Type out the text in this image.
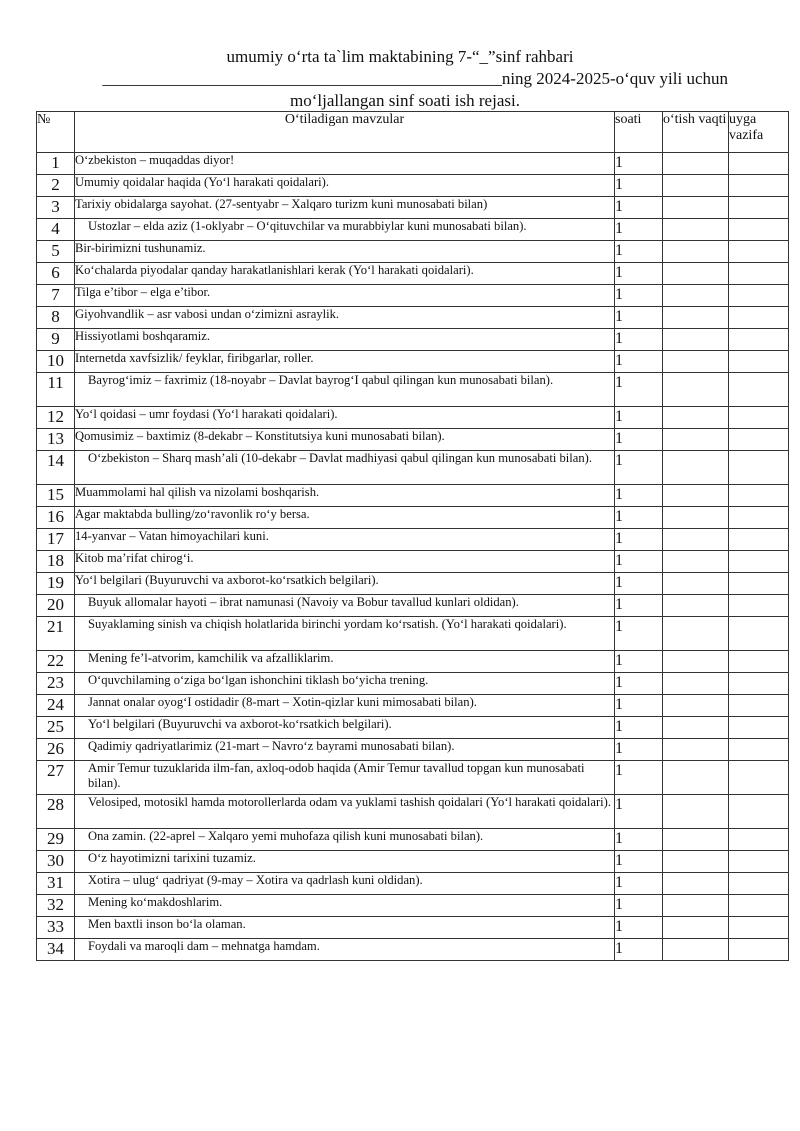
umumiy oʻrta ta`lim maktabining 7-“_”sinf rahbari
_______________________________________________ning 2024-2025-oʻquv yili uchun
moʻljallangan sinf soati ish rejasi.
№	Oʻtiladigan mavzular	soati	oʻtish vaqti	uyga vazifa
1	Oʻzbekiston – muqaddas diyor!	1		
2	Umumiy qoidalar haqida (Yoʻl harakati qoidalari).	1		
3	Tarixiy obidalarga sayohat. (27-sentyabr – Xalqaro turizm kuni munosabati bilan)	1		
4	Ustozlar – elda aziz (1-oklyabr – Oʻqituvchilar va murabbiylar kuni munosabati bilan).	1		
5	Bir-birimizni tushunamiz.	1		
6	Koʻchalarda piyodalar qanday harakatlanishlari kerak (Yoʻl harakati qoidalari).	1		
7	Tilga e’tibor – elga e’tibor.	1		
8	Giyohvandlik – asr vabosi undan oʻzimizni asraylik.	1		
9	Hissiyotlami boshqaramiz.	1		
10	Internetda xavfsizlik/ feyklar, firibgarlar, roller.	1		
11	Bayrogʻimiz – faxrimiz (18-noyabr – Davlat bayrogʻI qabul qilingan kun munosabati bilan).	1		
12	Yoʻl qoidasi – umr foydasi (Yoʻl harakati qoidalari).	1		
13	Qomusimiz – baxtimiz (8-dekabr – Konstitutsiya kuni munosabati bilan).	1		
14	Oʻzbekiston – Sharq mash’ali (10-dekabr – Davlat madhiyasi qabul qilingan kun munosabati bilan).	1		
15	Muammolami hal qilish va nizolami boshqarish.	1		
16	Agar maktabda bulling/zoʻravonlik roʻy bersa.	1		
17	14-yanvar – Vatan himoyachilari kuni.	1		
18	Kitob ma’rifat chirogʻi.	1		
19	Yoʻl belgilari (Buyuruvchi va axborot-koʻrsatkich belgilari).	1		
20	Buyuk allomalar hayoti – ibrat namunasi (Navoiy va Bobur tavallud kunlari oldidan).	1		
21	Suyaklaming sinish va chiqish holatlarida birinchi yordam koʻrsatish. (Yoʻl harakati qoidalari).	1		
22	Mening fe’l-atvorim, kamchilik va afzalliklarim.	1		
23	Oʻquvchilaming oʻziga boʻlgan ishonchini tiklash boʻyicha trening.	1		
24	Jannat onalar oyogʻI ostidadir (8-mart – Xotin-qizlar kuni mimosabati bilan).	1		
25	Yoʻl belgilari (Buyuruvchi va axborot-koʻrsatkich belgilari).	1		
26	Qadimiy qadriyatlarimiz (21-mart – Navroʻz bayrami munosabati bilan).	1		
27	Amir Temur tuzuklarida ilm-fan, axloq-odob haqida (Amir Temur tavallud topgan kun munosabati bilan).	1		
28	Velosiped, motosikl hamda motorollerlarda odam va yuklami tashish qoidalari (Yoʻl harakati qoidalari).	1		
29	Ona zamin. (22-aprel – Xalqaro yemi muhofaza qilish kuni munosabati bilan).	1		
30	Oʻz hayotimizni tarixini tuzamiz.	1		
31	Xotira – ulugʻ qadriyat (9-may – Xotira va qadrlash kuni oldidan).	1		
32	Mening koʻmakdoshlarim.	1		
33	Men baxtli inson boʻla olaman.	1		
34	Foydali va maroqli dam – mehnatga hamdam.	1		
